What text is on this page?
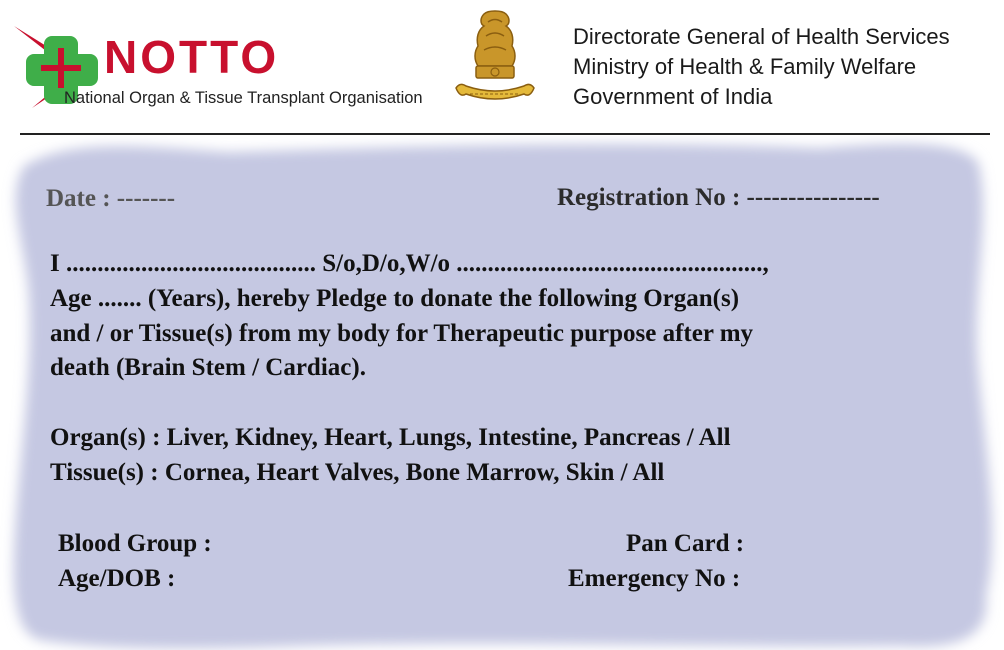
NOTTO
National Organ & Tissue Transplant Organisation
Directorate General of Health Services
Ministry of Health & Family Welfare
Government of India
Date : -------	Registration No : ----------------
I ........................................ S/o,D/o,W/o .................................................,
Age ....... (Years), hereby Pledge to donate the following Organ(s)
and / or Tissue(s) from my body for Therapeutic purpose after my
death (Brain Stem / Cardiac).
Organ(s) : Liver, Kidney, Heart, Lungs, Intestine, Pancreas / All
Tissue(s) : Cornea, Heart Valves, Bone Marrow, Skin / All
Blood Group :
Age/DOB :
Pan Card :
Emergency No :
